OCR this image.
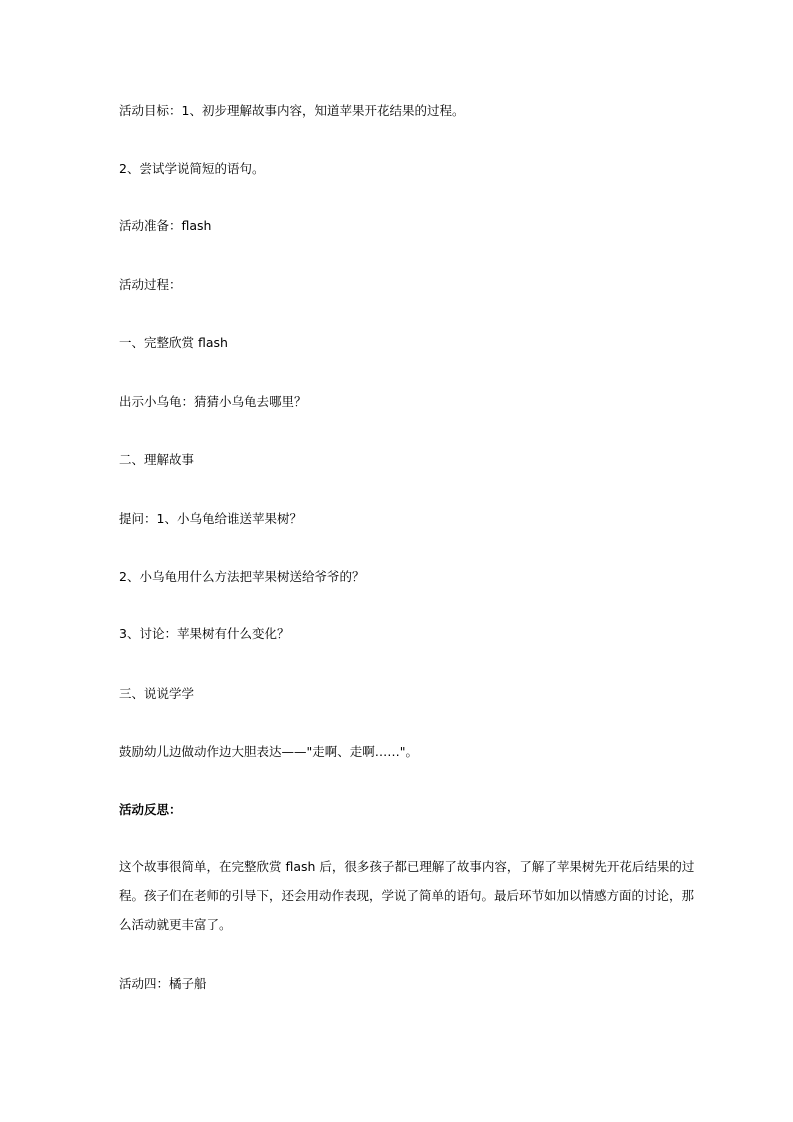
活动目标：1、初步理解故事内容，知道苹果开花结果的过程。
2、尝试学说简短的语句。
活动准备：flash
活动过程：
一、完整欣赏 flash
出示小乌龟：猜猜小乌龟去哪里？
二、理解故事
提问：1、小乌龟给谁送苹果树？
2、小乌龟用什么方法把苹果树送给爷爷的？
3、讨论：苹果树有什么变化？
三、说说学学
鼓励幼儿边做动作边大胆表达——"走啊、走啊……"。
活动反思：
这个故事很简单，在完整欣赏 flash 后，很多孩子都已理解了故事内容，了解了苹果树先开花后结果的过
程。孩子们在老师的引导下，还会用动作表现，学说了简单的语句。最后环节如加以情感方面的讨论，那
么活动就更丰富了。
活动四：橘子船
